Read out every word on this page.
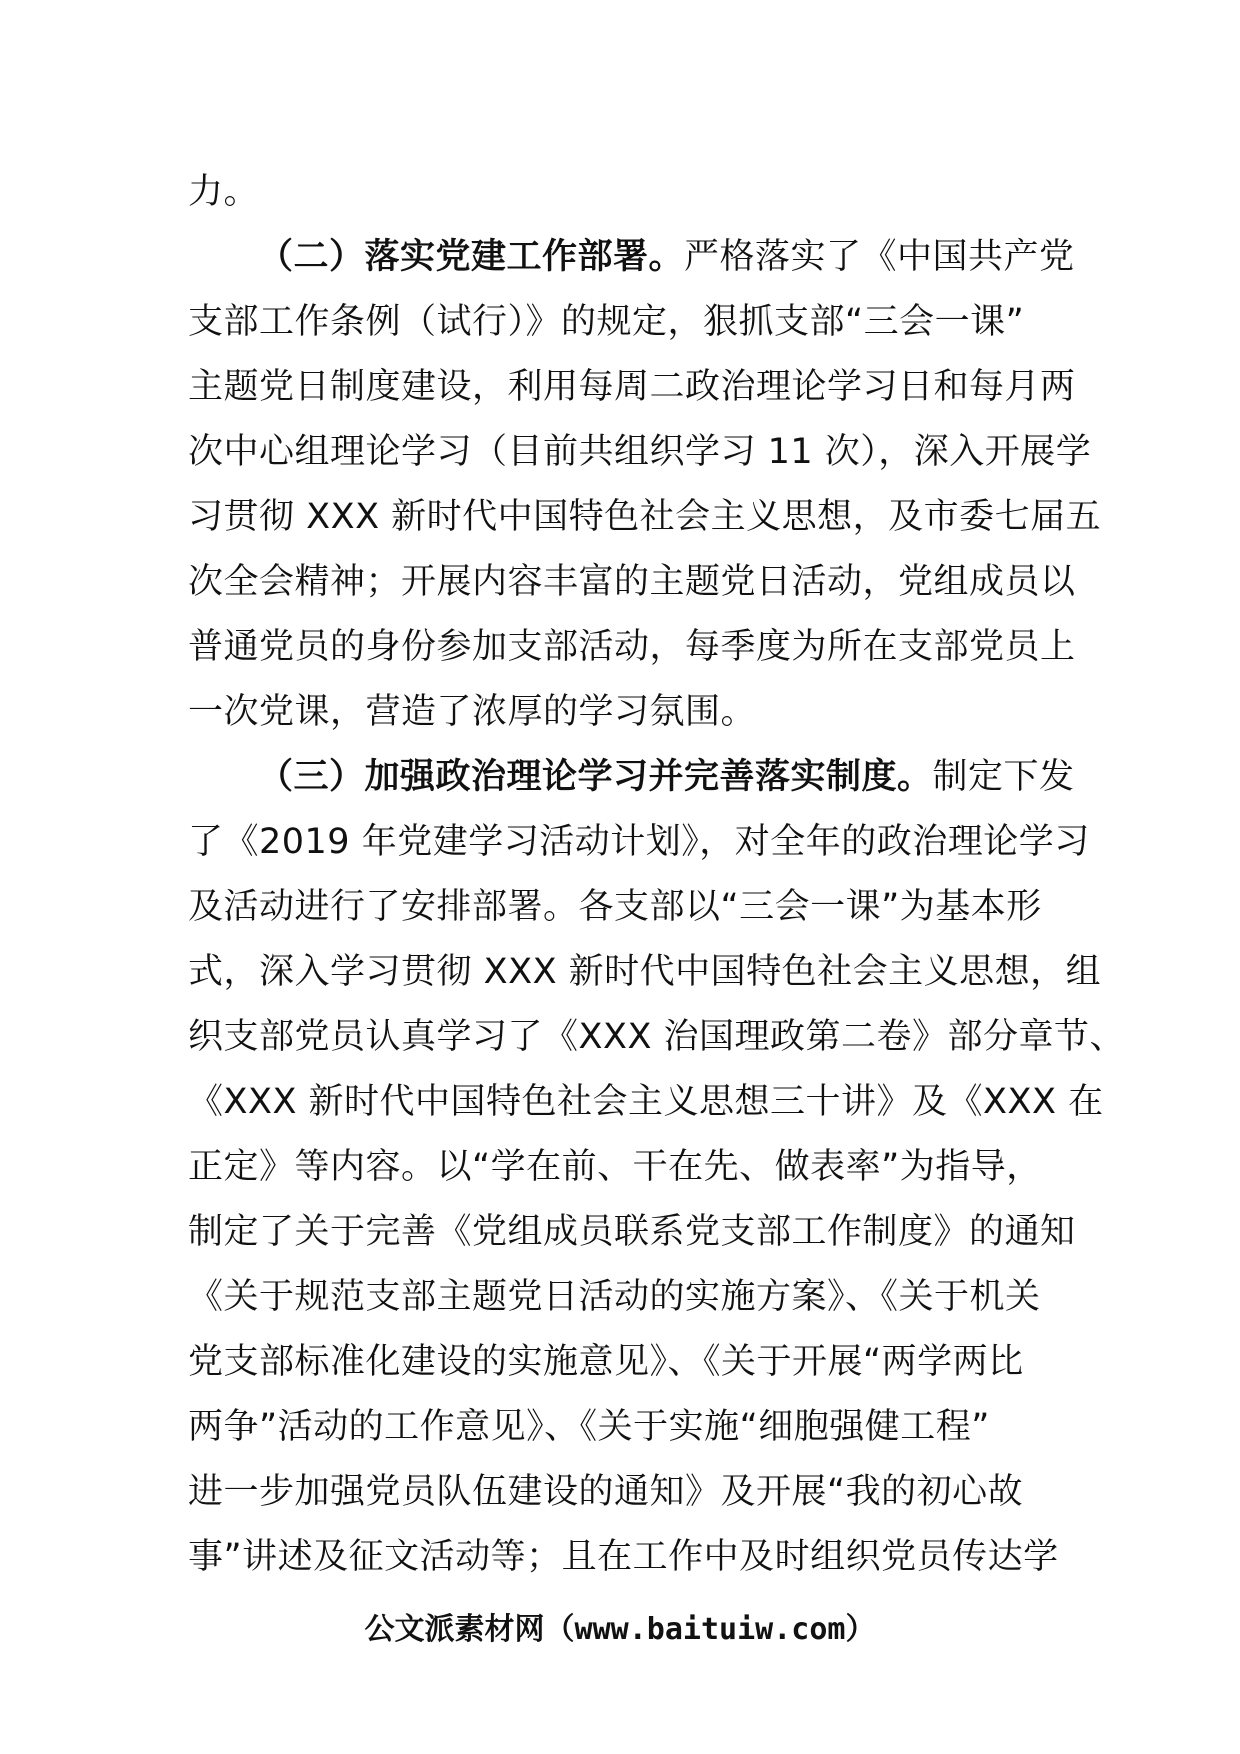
力。
（二）落实党建工作部署。严格落实了《中国共产党
支部工作条例（试行）》的规定，狠抓支部“三会一课”
主题党日制度建设，利用每周二政治理论学习日和每月两
次中心组理论学习（目前共组织学习 11 次），深入开展学
习贯彻 XXX 新时代中国特色社会主义思想，及市委七届五
次全会精神；开展内容丰富的主题党日活动，党组成员以
普通党员的身份参加支部活动，每季度为所在支部党员上
一次党课，营造了浓厚的学习氛围。
（三）加强政治理论学习并完善落实制度。制定下发
了《2019 年党建学习活动计划》，对全年的政治理论学习
及活动进行了安排部署。各支部以“三会一课”为基本形
式，深入学习贯彻 XXX 新时代中国特色社会主义思想，组
织支部党员认真学习了《XXX 治国理政第二卷》部分章节、
《XXX 新时代中国特色社会主义思想三十讲》及《XXX 在
正定》等内容。以“学在前、干在先、做表率”为指导，
制定了关于完善《党组成员联系党支部工作制度》的通知
《关于规范支部主题党日活动的实施方案》、《关于机关
党支部标准化建设的实施意见》、《关于开展“两学两比
两争”活动的工作意见》、《关于实施“细胞强健工程”
进一步加强党员队伍建设的通知》及开展“我的初心故
事”讲述及征文活动等；且在工作中及时组织党员传达学
公文派素材网（www.baituiw.com）
